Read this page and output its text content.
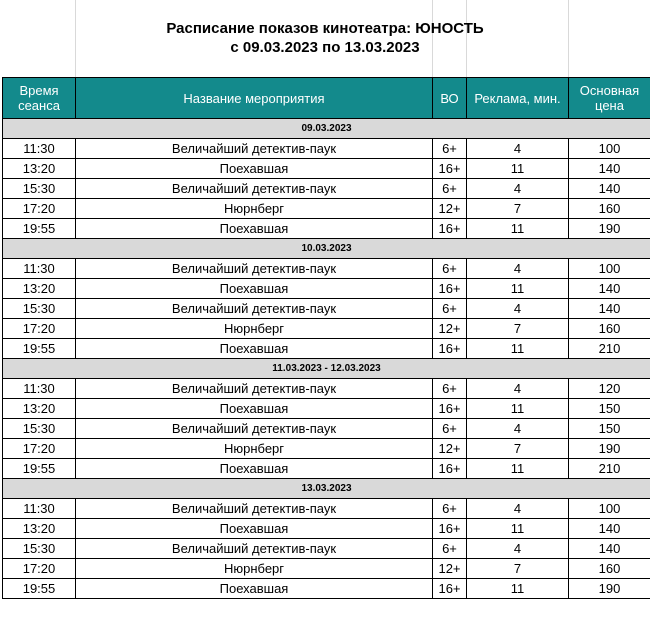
Расписание показов кинотеатра: ЮНОСТЬ
с 09.03.2023 по 13.03.2023
Время сеанса	Название мероприятия	ВО	Реклама, мин.	Основная цена
09.03.2023				
11:30	Величайший детектив-паук	6+	4	100
13:20	Поехавшая	16+	11	140
15:30	Величайший детектив-паук	6+	4	140
17:20	Нюрнберг	12+	7	160
19:55	Поехавшая	16+	11	190
10.03.2023				
11:30	Величайший детектив-паук	6+	4	100
13:20	Поехавшая	16+	11	140
15:30	Величайший детектив-паук	6+	4	140
17:20	Нюрнберг	12+	7	160
19:55	Поехавшая	16+	11	210
11.03.2023 - 12.03.2023				
11:30	Величайший детектив-паук	6+	4	120
13:20	Поехавшая	16+	11	150
15:30	Величайший детектив-паук	6+	4	150
17:20	Нюрнберг	12+	7	190
19:55	Поехавшая	16+	11	210
13.03.2023				
11:30	Величайший детектив-паук	6+	4	100
13:20	Поехавшая	16+	11	140
15:30	Величайший детектив-паук	6+	4	140
17:20	Нюрнберг	12+	7	160
19:55	Поехавшая	16+	11	190
